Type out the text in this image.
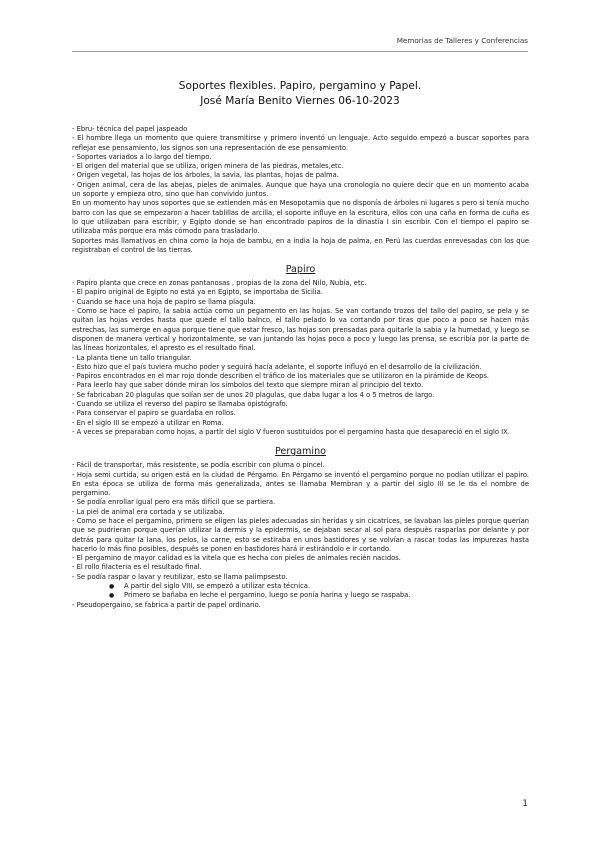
Memorias de Talleres y Conferencias
Soportes flexibles. Papiro, pergamino y Papel.
José María Benito Viernes 06-10-2023

- Ebru- técnica del papel jaspeado

- El hombre llega un momento que quiere transmitirse y primero inventó un lenguaje. Acto seguido empezó a buscar soportes para reflejar ese pensamiento, los signos son una representación de ese pensamiento.

- Soportes variados a lo largo del tiempo.

- El origen del material que se utiliza, origen minera de las piedras, metales,etc.

- Origen vegetal, las hojas de los árboles, la savia, las plantas, hojas de palma.

- Origen animal, cera de las abejas, pieles de animales. Aunque que haya una cronología no quiere decir que en un momento acaba un soporte y empieza otro, sino que han convivido juntos.

En un momento hay unos soportes que se extienden más en Mesopotamia que no disponía de árboles ni lugares s pero si tenía mucho barro con las que se empezaron a hacer tablillas de arcilla, el soporte influye en la escritura, ellos con una caña en forma de cuña es lo que utilizaban para escribir, y Egipto donde se han encontrado papiros de la dinastía I sin escribir. Con el tiempo el papiro se utilizaba más porque era más cómodo para trasladarlo.

Soportes más llamativos en china como la hoja de bambu, en a india la hoja de palma, en Perú las cuerdas enrevesadas con los que registraban el control de las tierras.

Papiro

- Papiro planta que crece en zonas pantanosas , propias de la zona del Nilo, Nubia, etc.

- El papiro original de Egipto no está ya en Egipto, se importaba de Sicilia.

- Cuando se hace una hoja de papiro se llama plagula.

- Como se hace el papiro, la sabia actúa como un pegamento en las hojas. Se van cortando trozos del tallo del papiro, se pela y se quitan las hojas verdes hasta que quede el tallo balnco, el tallo pelado lo va cortando por tiras que poco a poco se hacen más estrechas, las sumerge en agua porque tiene que estar fresco, las hojas son prensadas para quitarle la sabia y la humedad, y luego se disponen de manera vertical y horizontalmente, se van juntando las hojas poco a poco y luego las prensa, se escribía por la parte de las líneas horizontales, el apresto es el resultado final.

- La planta tiene un tallo triangular.

- Esto hizo que el país tuviera mucho poder y seguirá hacía adelante, el soporte influyó en el desarrollo de la civilización.

- Papiros encontrados en el mar rojo donde describen el tráfico de los materiales que se utilizaron en la pirámide de Keops.

- Para leerlo hay que saber dónde miran los símbolos del texto que siempre miran al principio del texto.

- Se fabricaban 20 plagulas que solían ser de unos 20 plagulas, que daba lugar a los 4 o 5 metros de largo.

- Cuando se utiliza el reverso del papiro se llamaba opistógrafo.

- Para conservar el papiro se guardaba en rollos.

- En el siglo III se empezó a utilizar en Roma.

- A veces se preparaban como hojas, a partir del siglo V fueron sustituidos por el pergamino hasta que desapareció en el siglo IX.

Pergamino

- Fácil de transportar, más resistente, se podía escribir con pluma o pincel.

- Hoja semi curtida, su origen está en la ciudad de Pérgamo. En Pérgamo se inventó el pergamino porque no podían utilizar el papiro. En esta época se utiliza de forma más generalizada, antes se llamaba Membran y a partir del siglo III se le da el nombre de pergamino.

- Se podía enrollar igual pero era más difícil que se partiera.

- La piel de animal era cortada y se utilizaba.

- Como se hace el pergamino, primero se eligen las pieles adecuadas sin heridas y sin cicatrices, se lavaban las pieles porque querían que se pudrieran porque querían utilizar la dermis y la epidermis, se dejaban secar al sol para después rasparlas por delante y por detrás para quitar la lana, los pelos, la carne, esto se estiraba en unos bastidores y se volvían a rascar todas las impurezas hasta hacerlo lo más fino posibles, después se ponen en bastidores hará ir estirándolo e ir cortando.

- El pergamino de mayor calidad es la vitela que es hecha con pieles de animales recién nacidos.

- El rollo filacteria es el resultado final.

- Se podía raspar o lavar y reutilizar, esto se llama palimpsesto.

● A partir del siglo VIII, se empezó a utilizar esta técnica.
● Primero se bañaba en leche el pergamino, luego se ponía harina y luego se raspaba.

- Pseudopergaino, se fabrica a partir de papel ordinario.

1
